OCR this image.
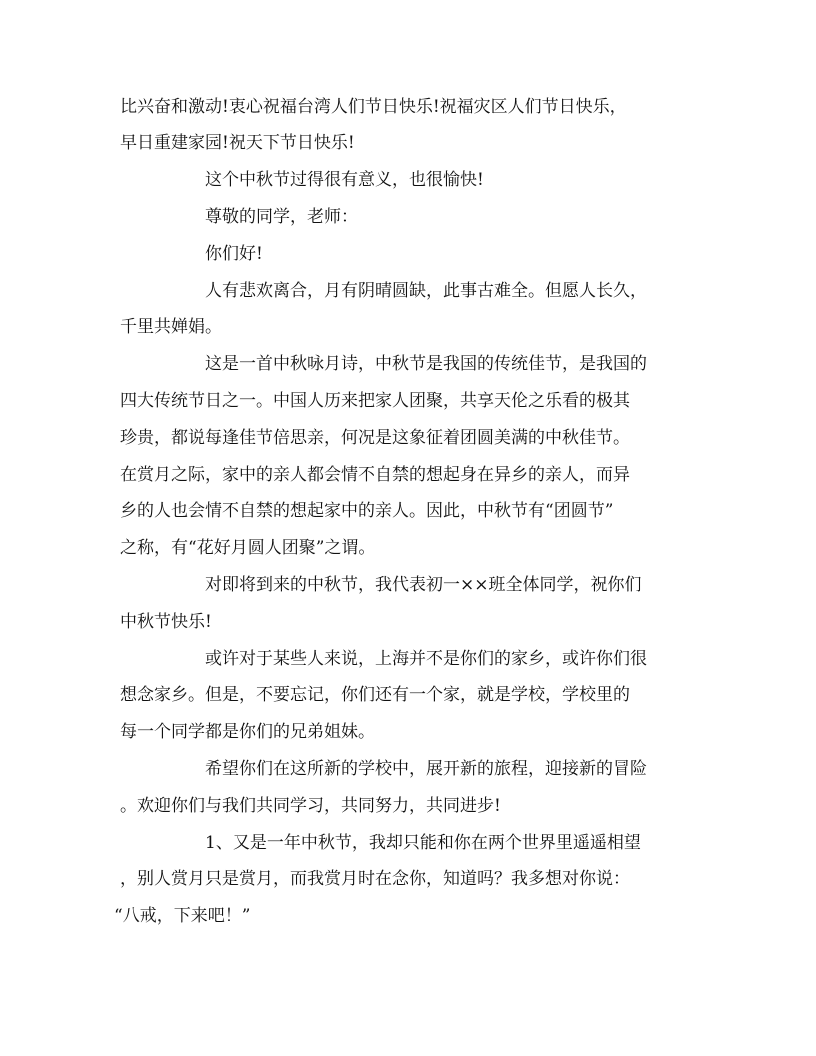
比兴奋和激动!衷心祝福台湾人们节日快乐!祝福灾区人们节日快乐，
早日重建家园!祝天下节日快乐!
这个中秋节过得很有意义，也很愉快!
尊敬的同学，老师：
你们好!
人有悲欢离合，月有阴晴圆缺，此事古难全。但愿人长久，
千里共婵娟。
这是一首中秋咏月诗，中秋节是我国的传统佳节，是我国的
四大传统节日之一。中国人历来把家人团聚，共享天伦之乐看的极其
珍贵，都说每逢佳节倍思亲，何况是这象征着团圆美满的中秋佳节。
在赏月之际，家中的亲人都会情不自禁的想起身在异乡的亲人，而异
乡的人也会情不自禁的想起家中的亲人。因此，中秋节有“团圆节”
之称，有“花好月圆人团聚”之谓。
对即将到来的中秋节，我代表初一××班全体同学，祝你们
中秋节快乐!
或许对于某些人来说，上海并不是你们的家乡，或许你们很
想念家乡。但是，不要忘记，你们还有一个家，就是学校，学校里的
每一个同学都是你们的兄弟姐妹。
希望你们在这所新的学校中，展开新的旅程，迎接新的冒险
。欢迎你们与我们共同学习，共同努力，共同进步!
1、又是一年中秋节，我却只能和你在两个世界里遥遥相望
，别人赏月只是赏月，而我赏月时在念你，知道吗？我多想对你说：
“八戒，下来吧！”
